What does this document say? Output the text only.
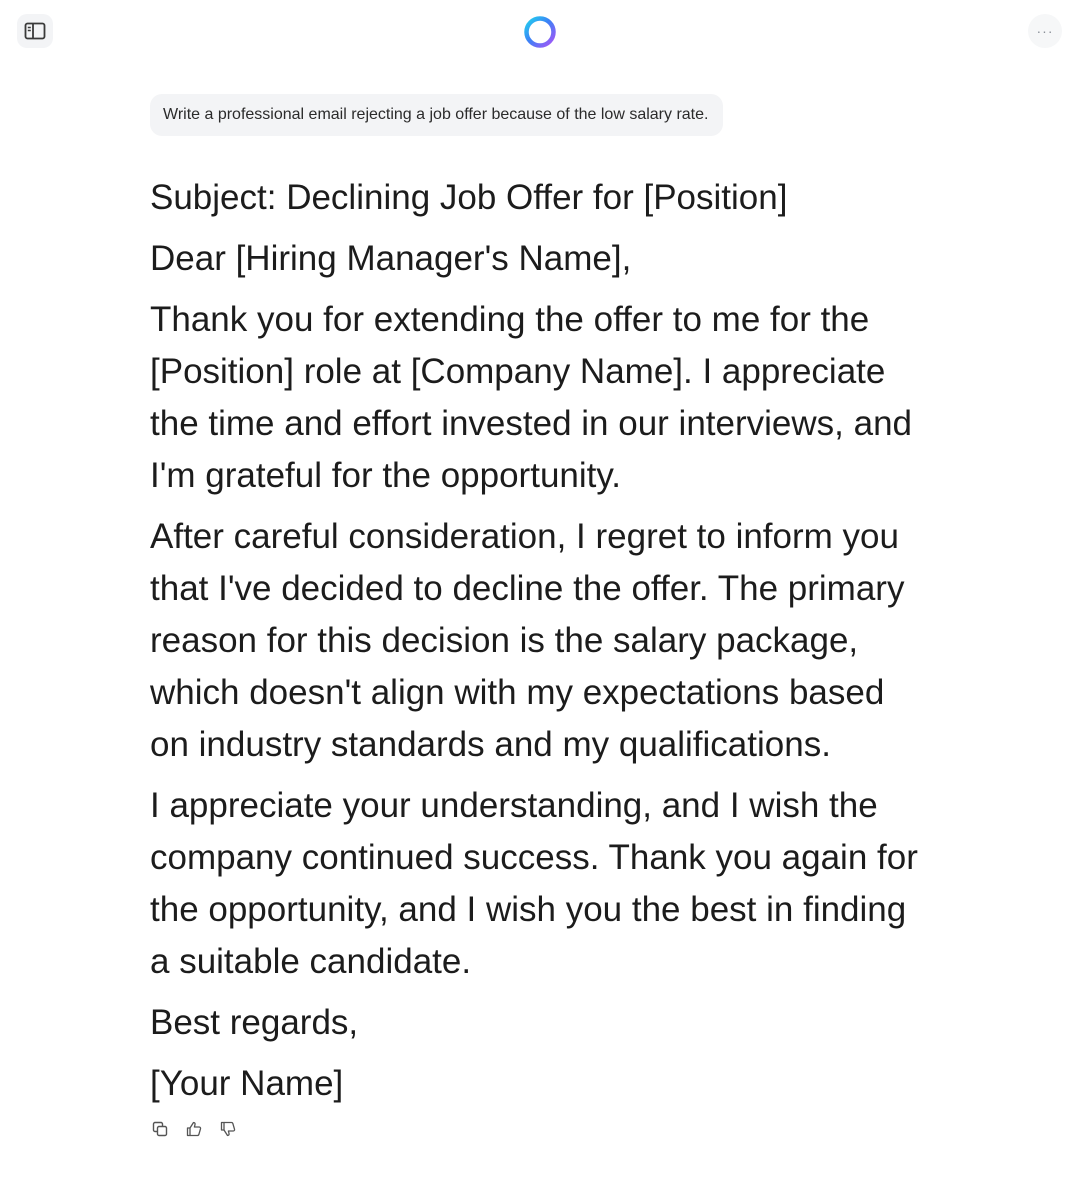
···
Write a professional email rejecting a job offer because of the low salary rate.

Subject: Declining Job Offer for [Position]

Dear [Hiring Manager's Name],

Thank you for extending the offer to me for the [Position] role at [Company Name]. I appreciate the time and effort invested in our interviews, and I'm grateful for the opportunity.

After careful consideration, I regret to inform you that I've decided to decline the offer. The primary reason for this decision is the salary package, which doesn't align with my expectations based on industry standards and my qualifications.

I appreciate your understanding, and I wish the company continued success. Thank you again for the opportunity, and I wish you the best in finding a suitable candidate.

Best regards,

[Your Name]
